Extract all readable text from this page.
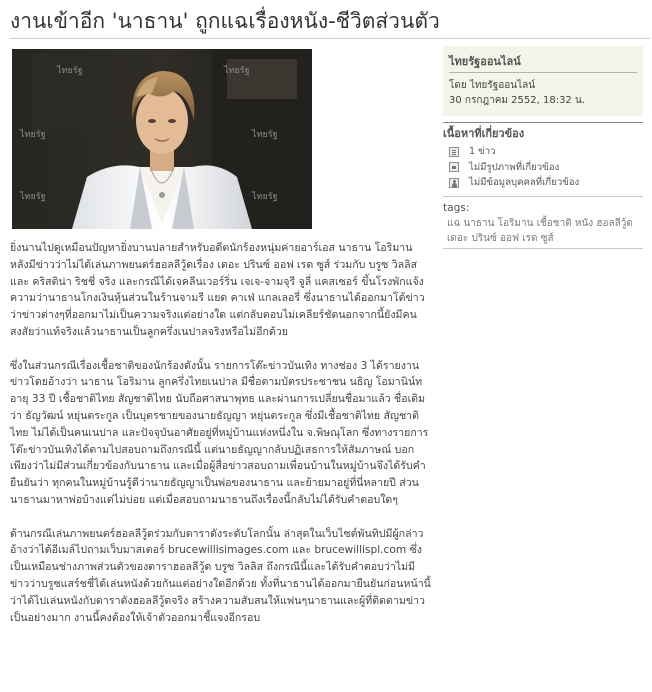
งานเข้าอีก 'นาธาน' ถูกแฉเรื่องหนัง-ชีวิตส่วนตัว
ไทยรัฐ	ไทยรัฐ
ไทยรัฐ	ไทยรัฐ
ไทยรัฐ	ไทยรัฐ

ยิ่งนานไปดูเหมือนปัญหายิ่งบานปลายสำหรับอดีตนักร้องหนุ่มค่ายอาร์เอส นาธาน โอริมาน หลังมีข่าวว่าไม่ได้เล่นภาพยนตร์ฮอลลีวู้ดเรื่อง เดอะ ปรินซ์ ออฟ เรด ซูส์ ร่วมกับ บรูซ วิลลิส และ คริสติน่า ริชชี่ จริง และกรณีได้เจคลีนเวอร์ริ่น เจเจ-จามจุรี จูลี่ แคสเซอร์ ขึ้นโรงพักแจ้งความว่านาธานโกงเงินหุ้นส่วนในร้านจามรี แยด คาเฟ่ แกลเลอรี่ ซึ่งนาธานได้ออกมาโต้ข่าวว่าข่าวต่างๆที่ออกมาไม่เป็นความจริงแต่อย่างใด แต่กลับตอบไม่เคลียร์ชัดนอกจากนี้ยังมีคนสงสัยว่าแท้จริงแล้วนาธานเป็นลูกครึ่งเนปาลจริงหรือไม่อีกด้วย

ซึ่งในส่วนกรณีเรื่องเชื้อชาติของนักร้องดังนั้น รายการโต๊ะข่าวบันเทิง ทางช่อง 3 ได้รายงานข่าวโดยอ้างว่า นาธาน โอริมาน ลูกครึ่งไทยเนปาล มีชื่อตามบัตรประชาชน นธิญ โอมานิน์ท อายุ 33 ปี เชื้อชาติไทย สัญชาติไทย นับถือศาสนาพุทธ และผ่านการเปลี่ยนชื่อมาแล้ว ชื่อเดิมว่า ธัญวัฒน์ หยุ่นตระกูล เป็นบุตรชายของนายธัญญา หยุ่นตระกูล ซึ่งมีเชื้อชาติไทย สัญชาติไทย ไม่ได้เป็นคนเนปาล และปัจจุบันอาศัยอยู่ที่หมู่บ้านแห่งหนึ่งใน จ.พิษณุโลก ซึ่งทางรายการโต๊ะข่าวบันเทิงได้ตามไปสอบถามถึงกรณีนี้ แต่นายธัญญากลับปฏิเสธการให้สัมภาษณ์ บอกเพียงว่าไม่มีส่วนเกี่ยวข้องกับนาธาน และเมื่อผู้สื่อข่าวสอบถามเพื่อนบ้านในหมู่บ้านจึงได้รับคำยืนยันว่า ทุกคนในหมู่บ้านรู้ดีว่านายธัญญาเป็นพ่อของนาธาน และย้ายมาอยู่ที่นี่หลายปี ส่วนนาธานมาหาพ่อบ้างแต่ไม่บ่อย แต่เมื่อสอบถามนาธานถึงเรื่องนี้กลับไม่ได้รับคำตอบใดๆ

ด้านกรณีเล่นภาพยนตร์ฮอลลีวู้ดร่วมกับดาราดังระดับโลกนั้น ล่าสุดในเว็บไซต์พันทิปมีผู้กล่าวอ้างว่าได้อีเมล์ไปถามเว็บมาสเตอร์ brucewillisimages.com และ brucewillispl.com ซึ่งเป็นเหมือนช่างภาพส่วนตัวของดาราฮอลลีวู้ด บรูซ วิลลิส ถึงกรณีนี้และได้รับคำตอบว่าไม่มีข่าวว่าบรูซแสร์ชชี่ได้เล่นหนังด้วยกันแต่อย่างใดอีกด้วย ทั้งที่นาธานได้ออกมายืนยันก่อนหน้านี้ว่าได้ไปเล่นหนังกับดาราดังฮอลลีวู้ดจริง สร้างความสับสนให้แฟนๆนาธานและผู้ที่ติดตามข่าวเป็นอย่างมาก งานนี้คงต้องให้เจ้าตัวออกมาชี้แจงอีกรอบ

ไทยรัฐออนไลน์
โดย ไทยรัฐออนไลน์
30 กรกฎาคม 2552, 18:32 น.
เนื้อหาที่เกี่ยวข้อง
1 ข่าว
ไม่มีรูปภาพที่เกี่ยวข้อง
ไม่มีข้อมูลบุคคลที่เกี่ยวข้อง
tags:
แฉ นาธาน โอริมาน เชื้อชาติ หนัง ฮอลลีวู้ด เดอะ ปรินซ์ ออฟ เรด ซูส์
